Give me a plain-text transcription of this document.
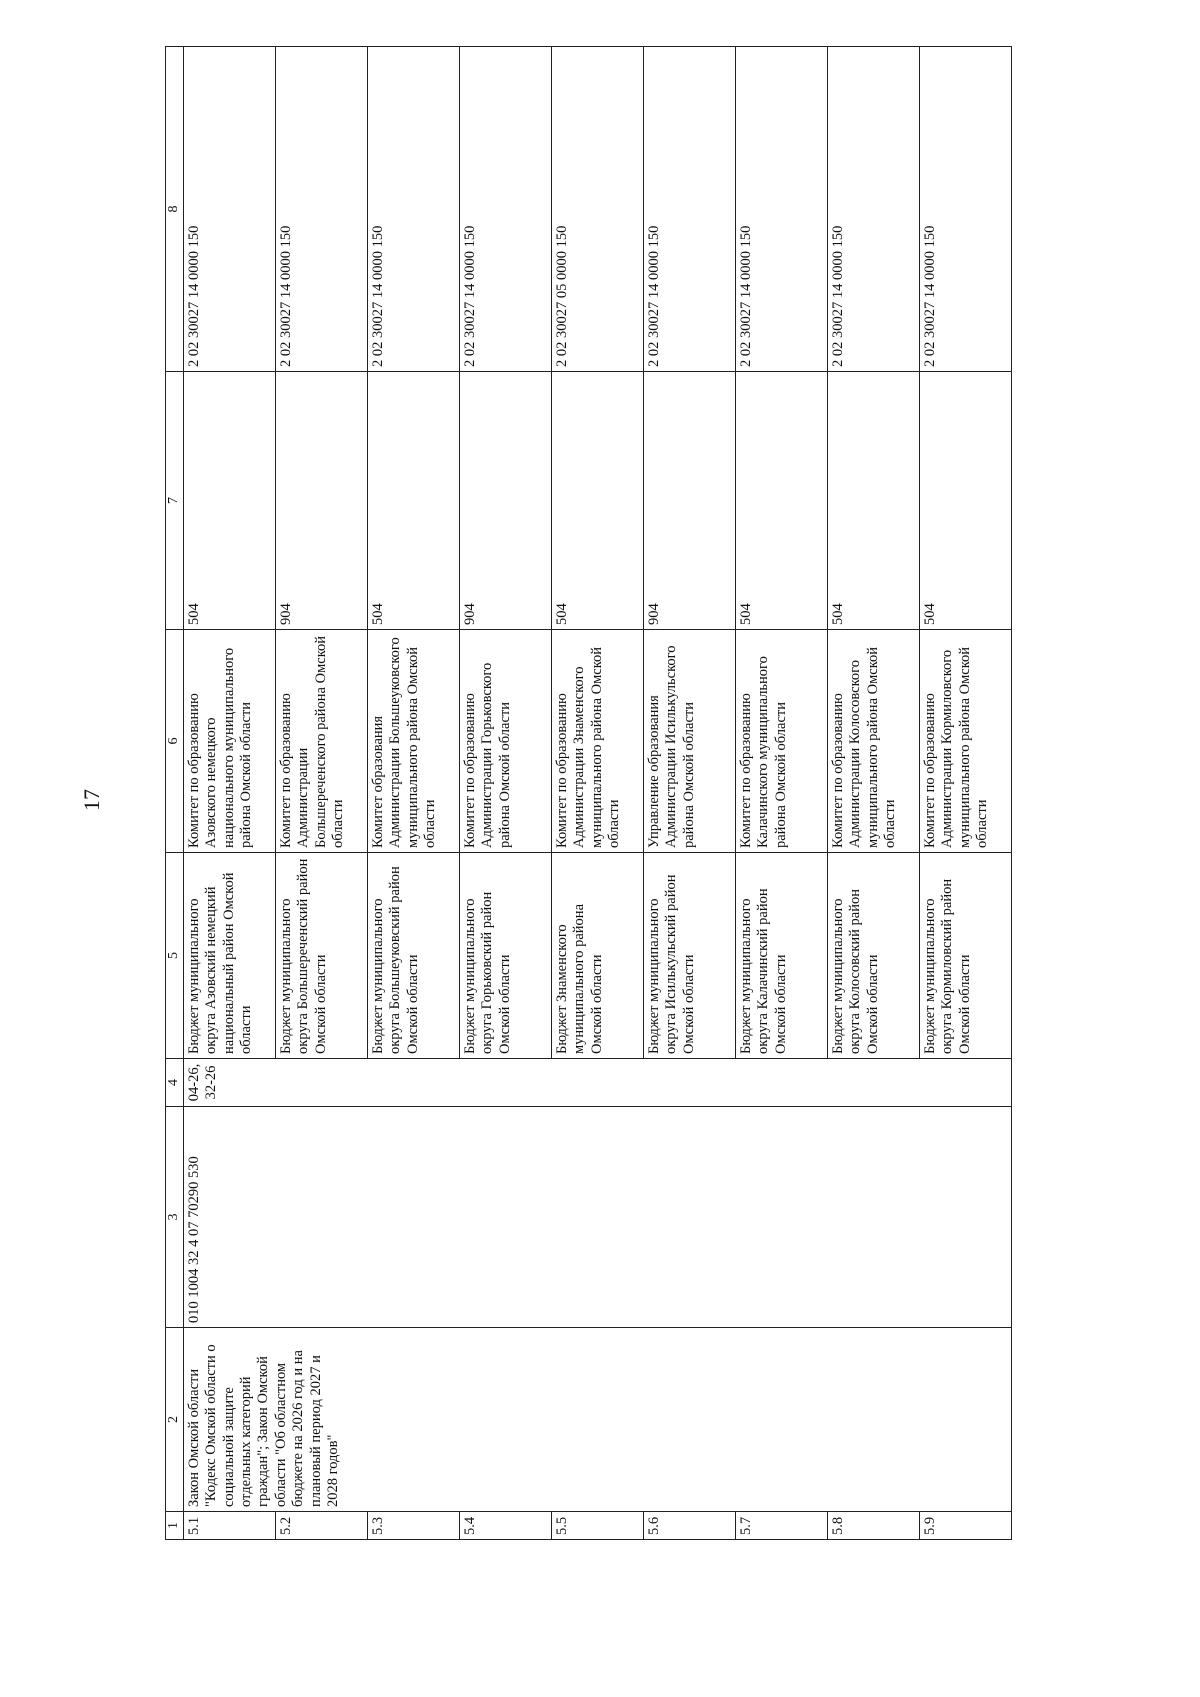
17
1	2	3	4	5	6	7	8
5.1	Закон Омской области "Кодекс Омской области о социальной защите отдельных категорий граждан"; Закон Омской области "Об областном бюджете на 2026 год и на плановый период 2027 и 2028 годов"	010 1004 32 4 07 70290 530	04-26, 32-26	Бюджет муниципального округа Азовский немецкий национальный район Омской области	Комитет по образованию Азовского немецкого национального муниципального района Омской области	504	2 02 30027 14 0000 150
5.2				Бюджет муниципального округа Большереченский район Омской области	Комитет по образованию Администрации Большереченского района Омской области	904	2 02 30027 14 0000 150
5.3				Бюджет муниципального округа Большеуковский район Омской области	Комитет образования Администрации Большеуковского муниципального района Омской области	504	2 02 30027 14 0000 150
5.4				Бюджет муниципального округа Горьковский район Омской области	Комитет по образованию Администрации Горьковского района Омской области	904	2 02 30027 14 0000 150
5.5				Бюджет Знаменского муниципального района Омской области	Комитет по образованию Администрации Знаменского муниципального района Омской области	504	2 02 30027 05 0000 150
5.6				Бюджет муниципального округа Исилькульский район Омской области	Управление образования Администрации Исилькульского района Омской области	904	2 02 30027 14 0000 150
5.7				Бюджет муниципального округа Калачинский район Омской области	Комитет по образованию Калачинского муниципального района Омской области	504	2 02 30027 14 0000 150
5.8				Бюджет муниципального округа Колосовский район Омской области	Комитет по образованию Администрации Колосовского муниципального района Омской области	504	2 02 30027 14 0000 150
5.9				Бюджет муниципального округа Кормиловский район Омской области	Комитет по образованию Администрации Кормиловского муниципального района Омской области	504	2 02 30027 14 0000 150
